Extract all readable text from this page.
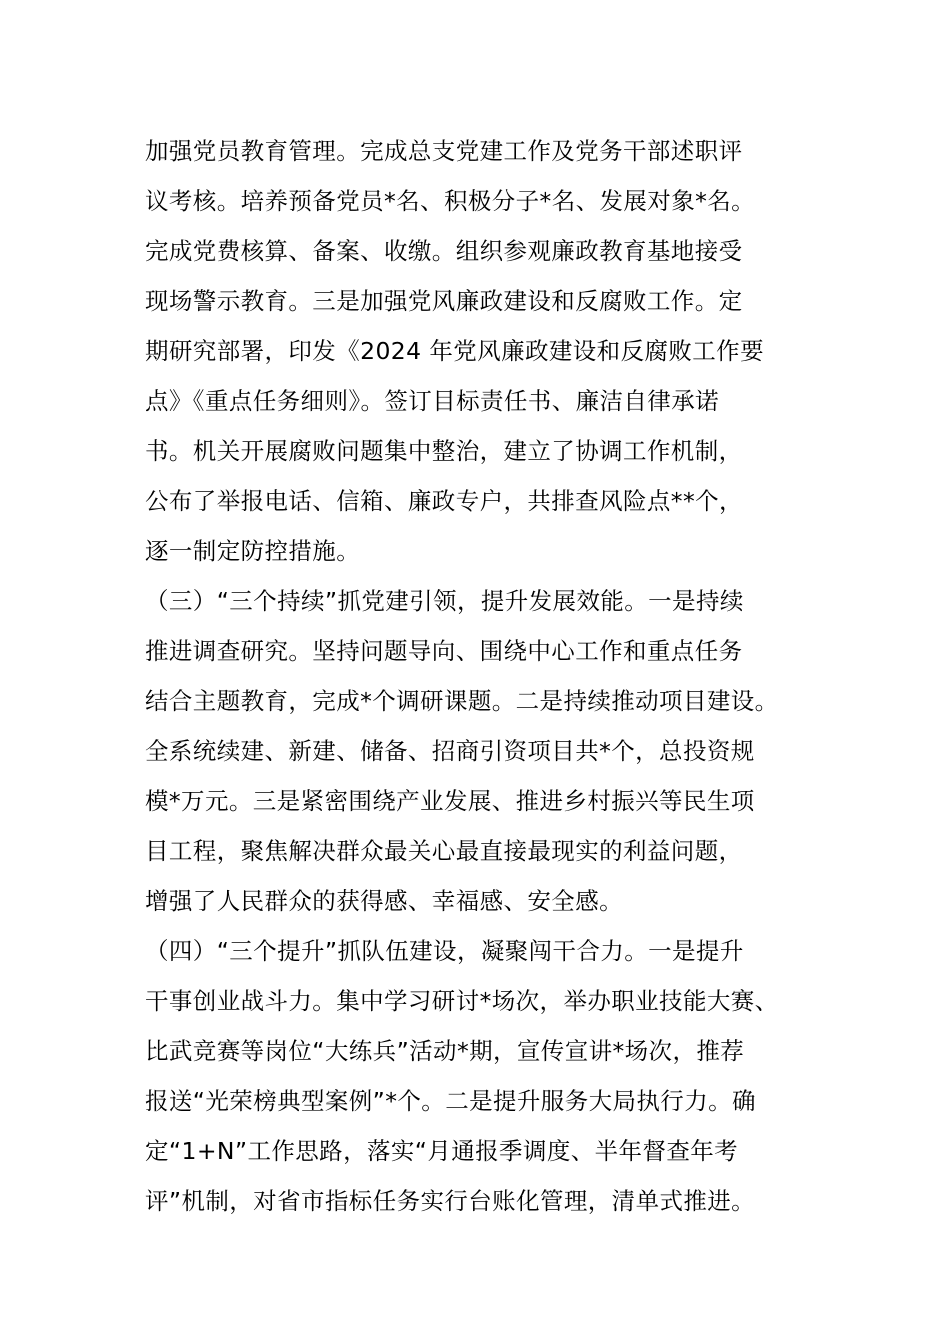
加强党员教育管理。完成总支党建工作及党务干部述职评
议考核。培养预备党员*名、积极分子*名、发展对象*名。
完成党费核算、备案、收缴。组织参观廉政教育基地接受
现场警示教育。三是加强党风廉政建设和反腐败工作。定
期研究部署，印发《2024 年党风廉政建设和反腐败工作要
点》《重点任务细则》。签订目标责任书、廉洁自律承诺
书。机关开展腐败问题集中整治，建立了协调工作机制，
公布了举报电话、信箱、廉政专户，共排查风险点**个，
逐一制定防控措施。
（三）“三个持续”抓党建引领，提升发展效能。一是持续
推进调查研究。坚持问题导向、围绕中心工作和重点任务
结合主题教育，完成*个调研课题。二是持续推动项目建设。
全系统续建、新建、储备、招商引资项目共*个，总投资规
模*万元。三是紧密围绕产业发展、推进乡村振兴等民生项
目工程，聚焦解决群众最关心最直接最现实的利益问题，
增强了人民群众的获得感、幸福感、安全感。
（四）“三个提升”抓队伍建设，凝聚闯干合力。一是提升
干事创业战斗力。集中学习研讨*场次，举办职业技能大赛、
比武竞赛等岗位“大练兵”活动*期，宣传宣讲*场次，推荐
报送“光荣榜典型案例”*个。二是提升服务大局执行力。确
定“1+N”工作思路，落实“月通报季调度、半年督查年考
评”机制，对省市指标任务实行台账化管理，清单式推进。
